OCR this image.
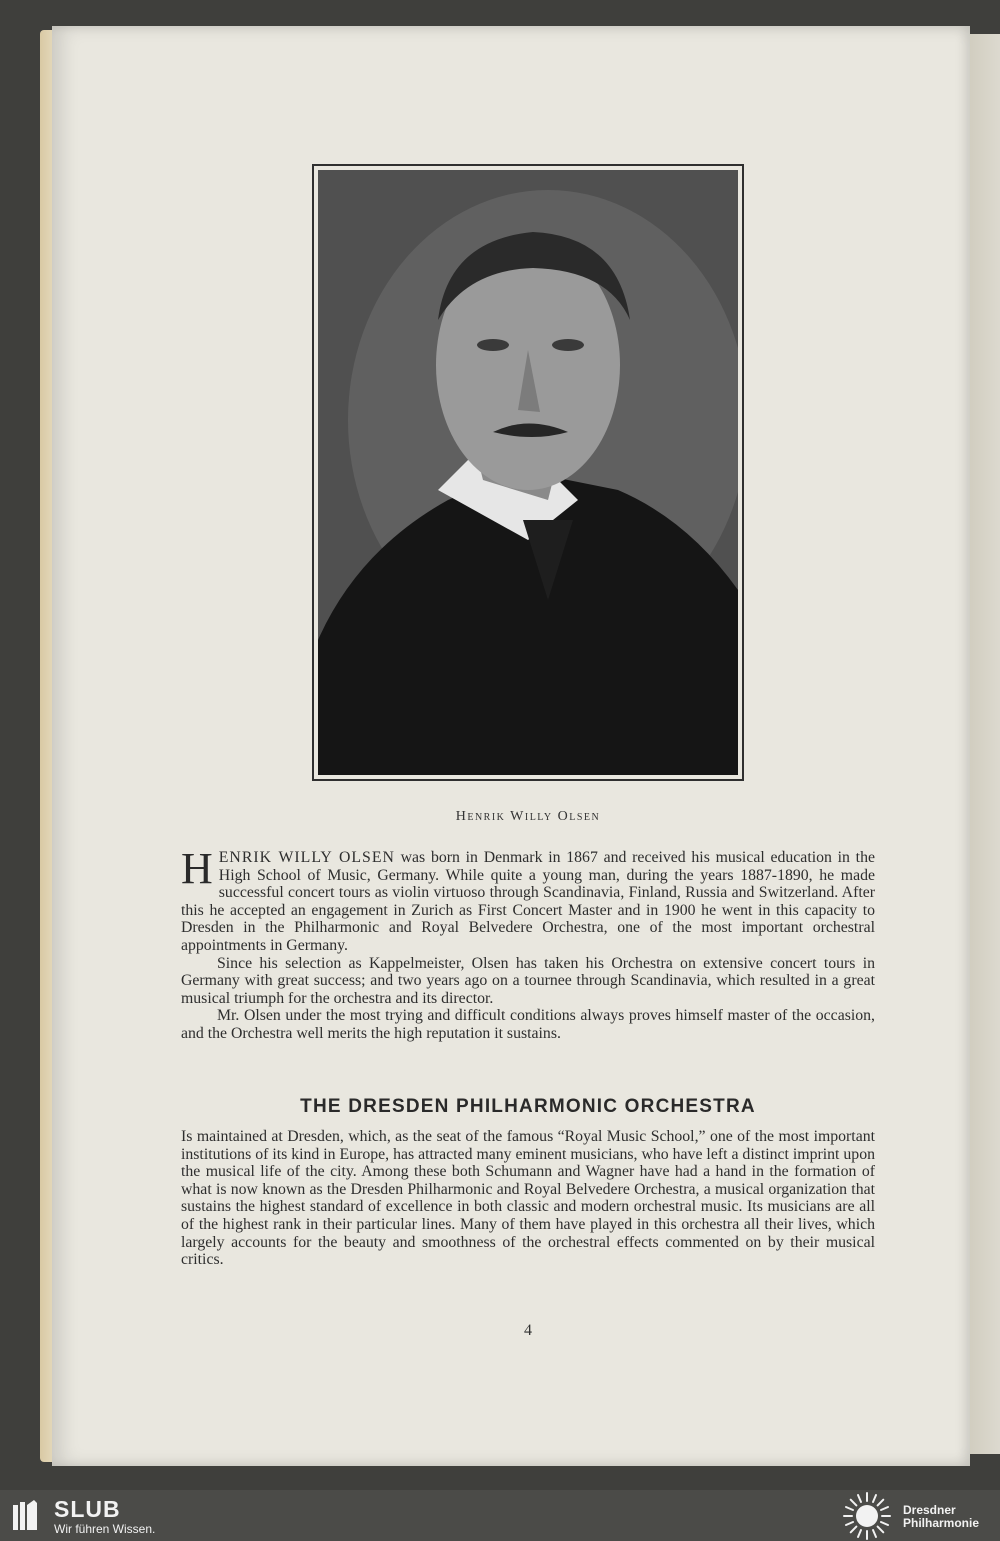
Henrik Willy Olsen

HENRIK WILLY OLSEN was born in Denmark in 1867 and received his musical education in the High School of Music, Germany. While quite a young man, during the years 1887-1890, he made successful concert tours as violin virtuoso through Scandinavia, Finland, Russia and Switzerland. After this he accepted an engagement in Zurich as First Concert Master and in 1900 he went in this capacity to Dresden in the Philharmonic and Royal Belvedere Orchestra, one of the most important orchestral appointments in Germany.

Since his selection as Kappelmeister, Olsen has taken his Orchestra on extensive concert tours in Germany with great success; and two years ago on a tournee through Scandinavia, which resulted in a great musical triumph for the orchestra and its director.

Mr. Olsen under the most trying and difficult conditions always proves himself master of the occasion, and the Orchestra well merits the high reputation it sustains.

THE DRESDEN PHILHARMONIC ORCHESTRA

Is maintained at Dresden, which, as the seat of the famous “Royal Music School,” one of the most important institutions of its kind in Europe, has attracted many eminent musicians, who have left a distinct imprint upon the musical life of the city. Among these both Schumann and Wagner have had a hand in the formation of what is now known as the Dresden Philharmonic and Royal Belvedere Orchestra, a musical organization that sustains the highest standard of excellence in both classic and modern orchestral music. Its musicians are all of the highest rank in their particular lines. Many of them have played in this orchestra all their lives, which largely accounts for the beauty and smoothness of the orchestral effects commented on by their musical critics.

4
SLUB
Wir führen Wissen.
Dresdner
Philharmonie
